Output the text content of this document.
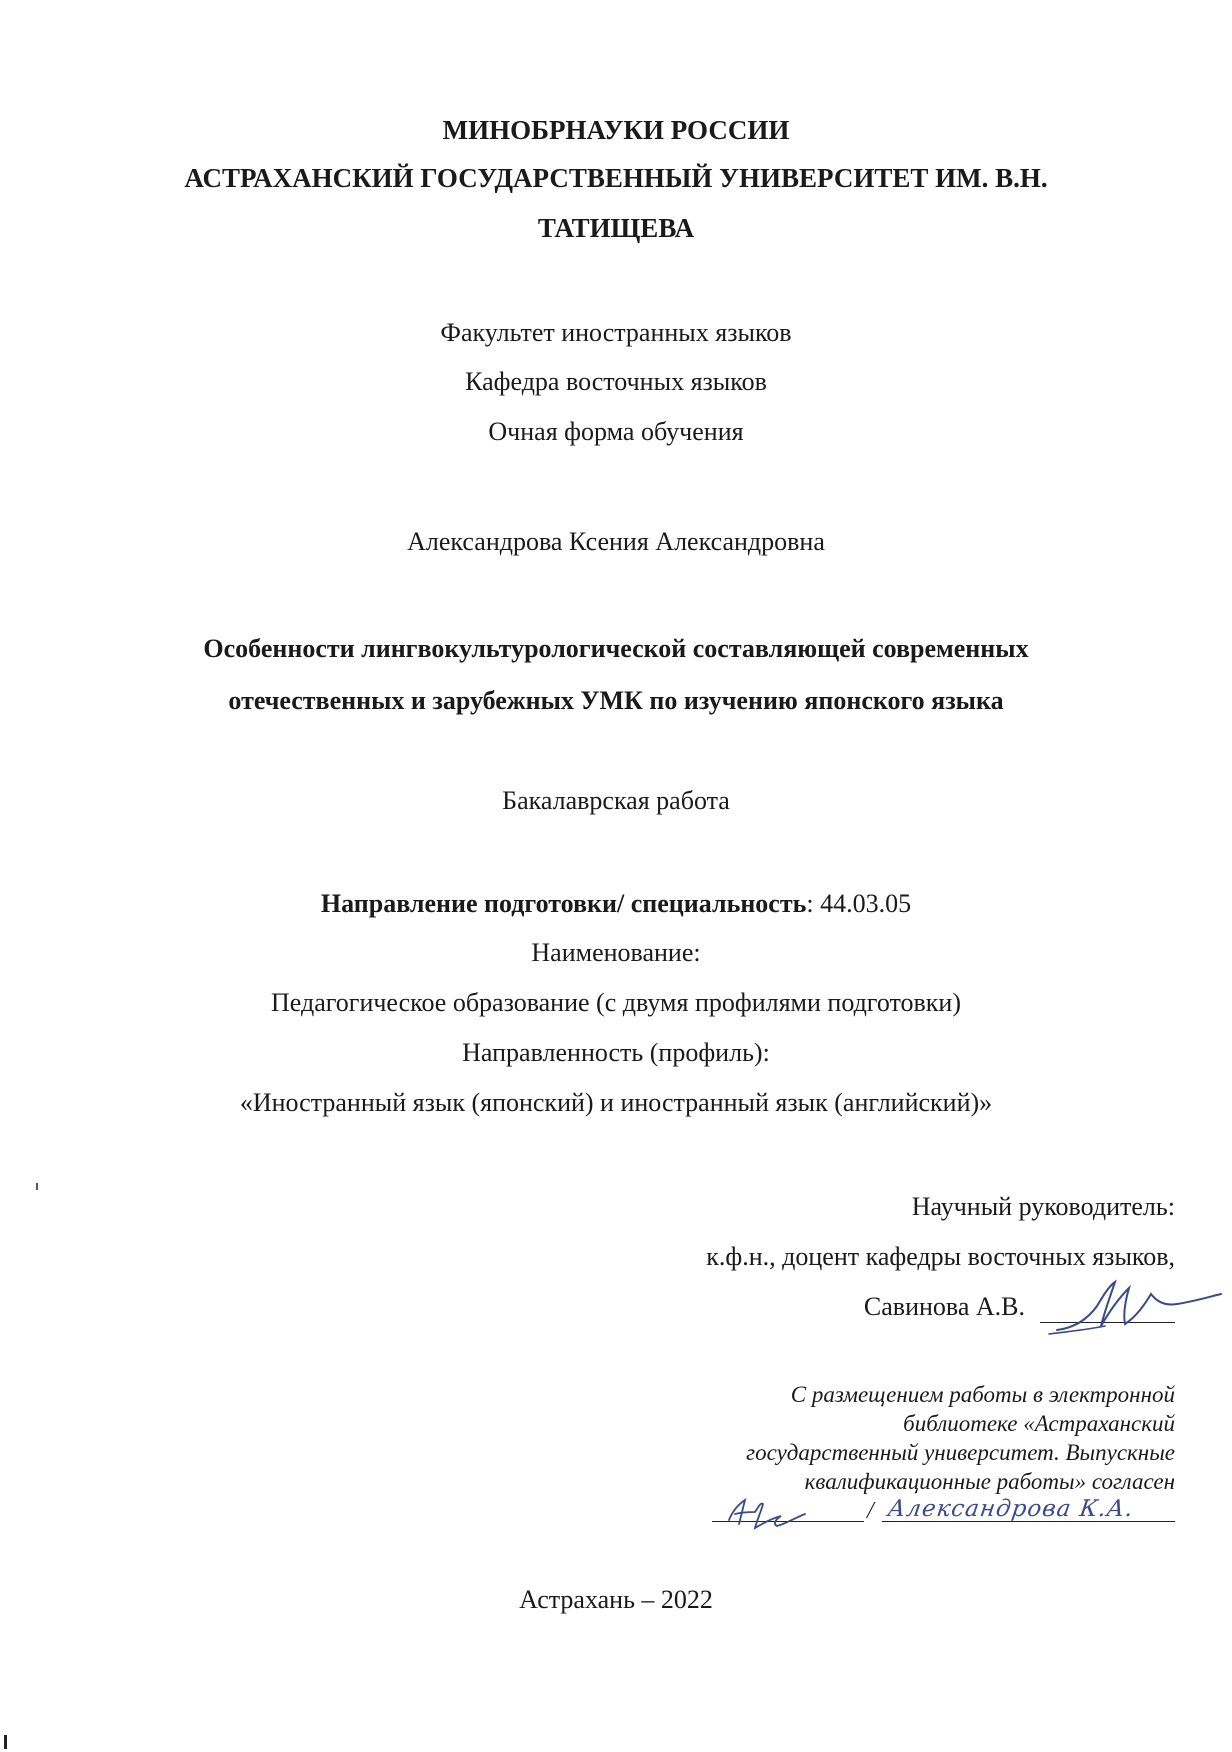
МИНОБРНАУКИ РОССИИ
АСТРАХАНСКИЙ ГОСУДАРСТВЕННЫЙ УНИВЕРСИТЕТ ИМ. В.Н.
ТАТИЩЕВА
Факультет иностранных языков
Кафедра восточных языков
Очная форма обучения
Александрова Ксения Александровна
Особенности лингвокультурологической составляющей современных
отечественных и зарубежных УМК по изучению японского языка
Бакалаврская работа
Направление подготовки/ специальность: 44.03.05
Наименование:
Педагогическое образование (с двумя профилями подготовки)
Направленность (профиль):
«Иностранный язык (японский) и иностранный язык (английский)»
Научный руководитель:
к.ф.н., доцент кафедры восточных языков,
Савинова А.В.
С размещением работы в электронной
библиотеке «Астраханский
государственный университет. Выпускные
квалификационные работы» согласен
/ Александрова К.А.
Астрахань – 2022
